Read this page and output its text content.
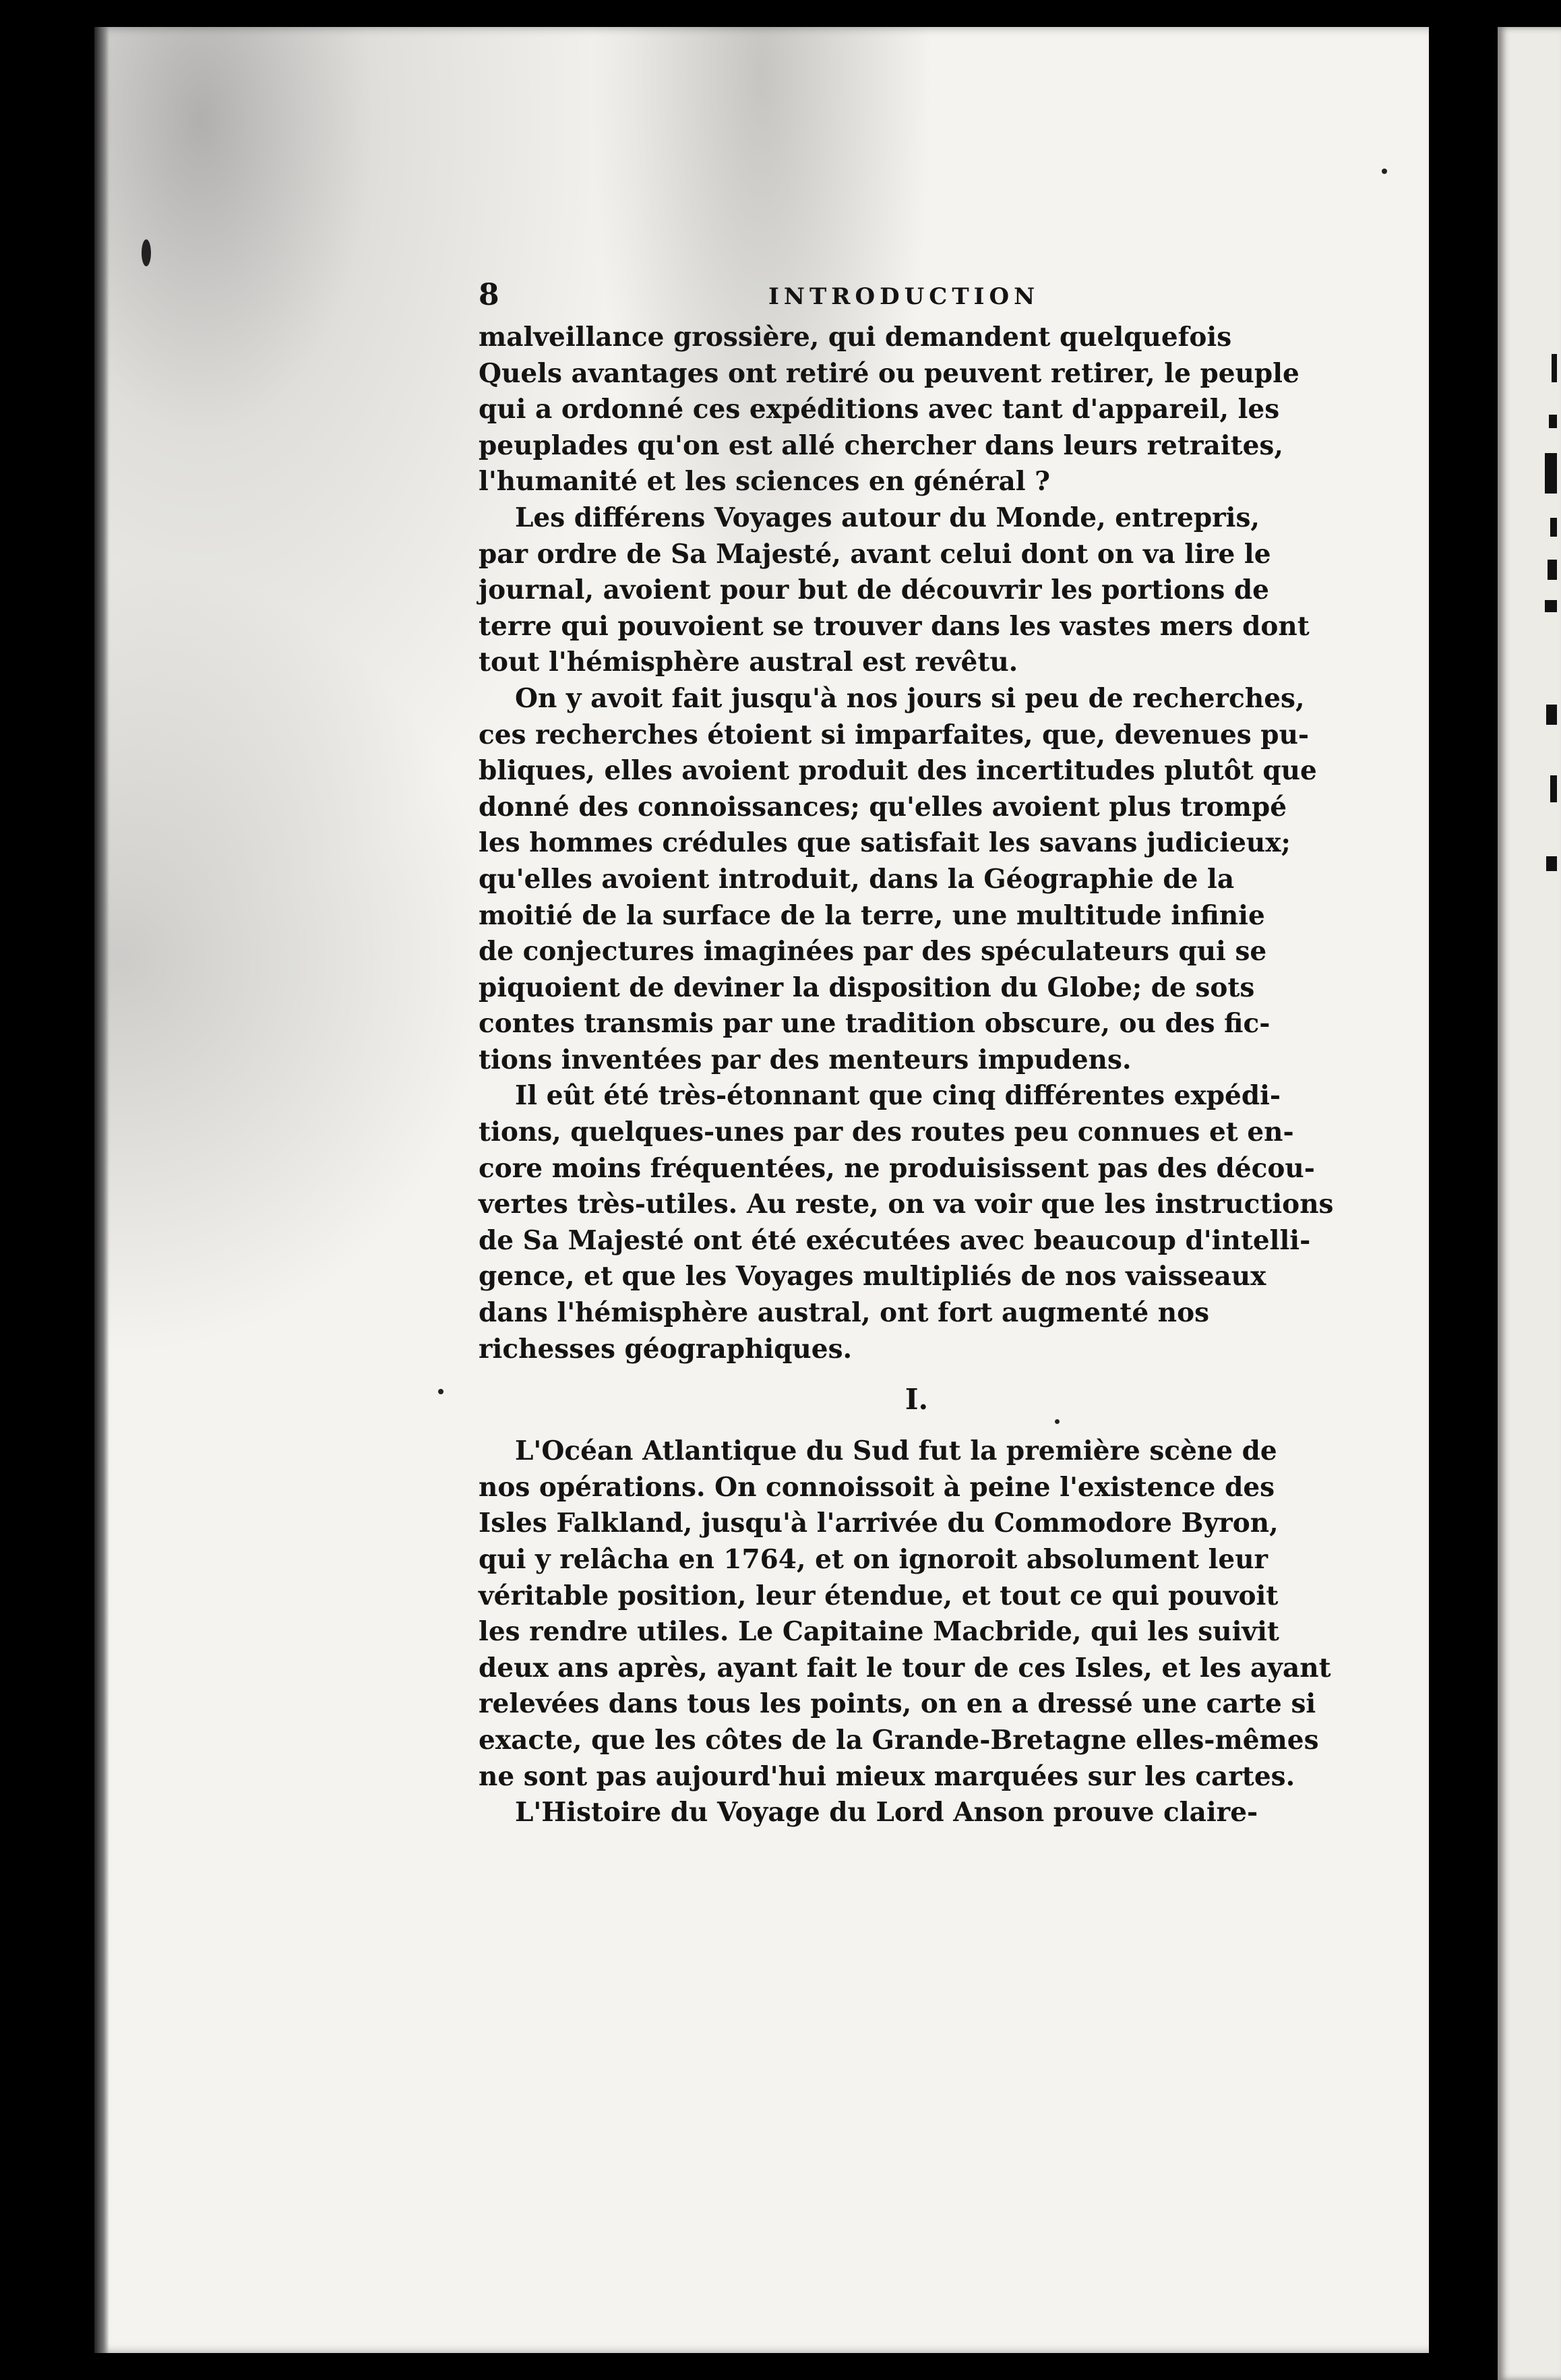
8	INTRODUCTION

malveillance grossière, qui demandent quelquefois
Quels avantages ont retiré ou peuvent retirer, le peuple
qui a ordonné ces expéditions avec tant d'appareil, les
peuplades qu'on est allé chercher dans leurs retraites,
l'humanité et les sciences en général ?

Les différens Voyages autour du Monde, entrepris,
par ordre de Sa Majesté, avant celui dont on va lire le
journal, avoient pour but de découvrir les portions de
terre qui pouvoient se trouver dans les vastes mers dont
tout l'hémisphère austral est revêtu.

On y avoit fait jusqu'à nos jours si peu de recherches,
ces recherches étoient si imparfaites, que, devenues pu-
bliques, elles avoient produit des incertitudes plutôt que
donné des connoissances; qu'elles avoient plus trompé
les hommes crédules que satisfait les savans judicieux;
qu'elles avoient introduit, dans la Géographie de la
moitié de la surface de la terre, une multitude infinie
de conjectures imaginées par des spéculateurs qui se
piquoient de deviner la disposition du Globe; de sots
contes transmis par une tradition obscure, ou des fic-
tions inventées par des menteurs impudens.

Il eût été très-étonnant que cinq différentes expédi-
tions, quelques-unes par des routes peu connues et en-
core moins fréquentées, ne produisissent pas des décou-
vertes très-utiles. Au reste, on va voir que les instructions
de Sa Majesté ont été exécutées avec beaucoup d'intelli-
gence, et que les Voyages multipliés de nos vaisseaux
dans l'hémisphère austral, ont fort augmenté nos
richesses géographiques.

I.

L'Océan Atlantique du Sud fut la première scène de
nos opérations. On connoissoit à peine l'existence des
Isles Falkland, jusqu'à l'arrivée du Commodore Byron,
qui y relâcha en 1764, et on ignoroit absolument leur
véritable position, leur étendue, et tout ce qui pouvoit
les rendre utiles. Le Capitaine Macbride, qui les suivit
deux ans après, ayant fait le tour de ces Isles, et les ayant
relevées dans tous les points, on en a dressé une carte si
exacte, que les côtes de la Grande-Bretagne elles-mêmes
ne sont pas aujourd'hui mieux marquées sur les cartes.

L'Histoire du Voyage du Lord Anson prouve claire-
